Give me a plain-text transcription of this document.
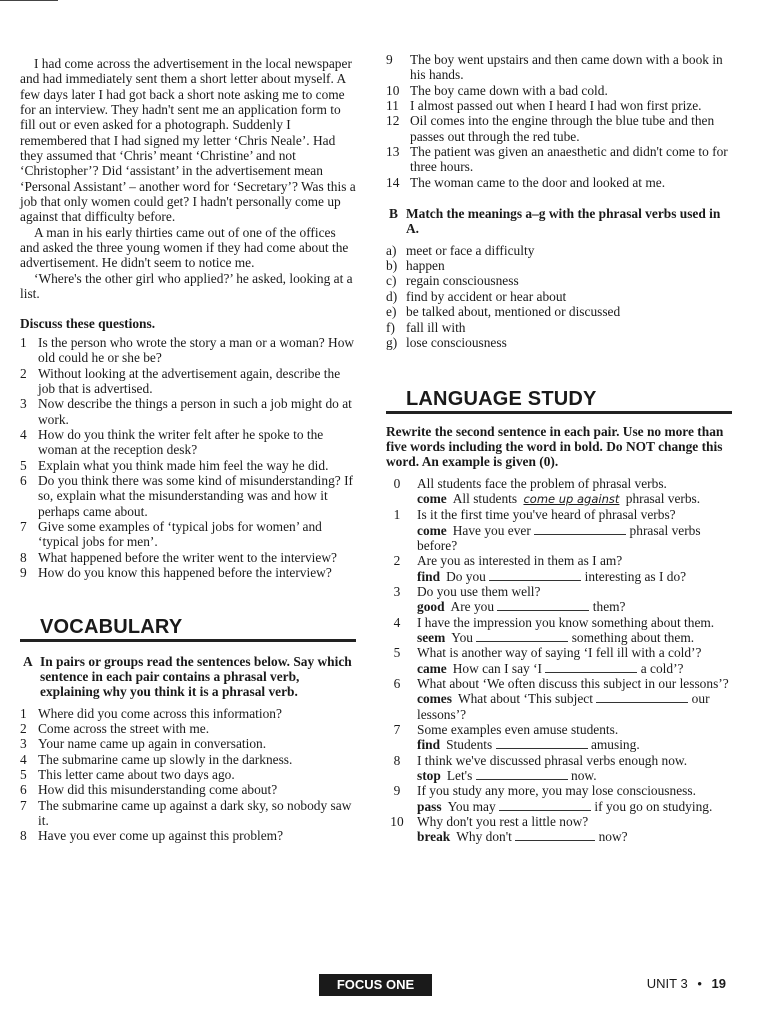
I had come across the advertisement in the local newspaper and had immediately sent them a short letter about myself. A few days later I had got back a short note asking me to come for an interview. They hadn't sent me an application form to fill out or even asked for a photograph. Suddenly I remembered that I had signed my letter ‘Chris Neale’. Had they assumed that ‘Chris’ meant ‘Christine’ and not ‘Christopher’? Did ‘assistant’ in the advertisement mean ‘Personal Assistant’ – another word for ‘Secretary’? Was this a job that only women could get? I hadn't personally come up against that difficulty before.

A man in his early thirties came out of one of the offices and asked the three young women if they had come about the advertisement. He didn't seem to notice me.

‘Where's the other girl who applied?’ he asked, looking at a list.

Discuss these questions.
1 Is the person who wrote the story a man or a woman? How old could he or she be?
2 Without looking at the advertisement again, describe the job that is advertised.
3 Now describe the things a person in such a job might do at work.
4 How do you think the writer felt after he spoke to the woman at the reception desk?
5 Explain what you think made him feel the way he did.
6 Do you think there was some kind of misunderstanding? If so, explain what the misunderstanding was and how it perhaps came about.
7 Give some examples of ‘typical jobs for women’ and ‘typical jobs for men’.
8 What happened before the writer went to the interview?
9 How do you know this happened before the interview?
VOCABULARY
A In pairs or groups read the sentences below. Say which sentence in each pair contains a phrasal verb, explaining why you think it is a phrasal verb.
1 Where did you come across this information?
2 Come across the street with me.
3 Your name came up again in conversation.
4 The submarine came up slowly in the darkness.
5 This letter came about two days ago.
6 How did this misunderstanding come about?
7 The submarine came up against a dark sky, so nobody saw it.
8 Have you ever come up against this problem?
9	The boy went upstairs and then came down with a book in his hands.
10 The boy came down with a bad cold.
11 I almost passed out when I heard I had won first prize.
12 Oil comes into the engine through the blue tube and then passes out through the red tube.
13 The patient was given an anaesthetic and didn't come to for three hours.
14 The woman came to the door and looked at me.
B Match the meanings a–g with the phrasal verbs used in A.
a) meet or face a difficulty
b) happen
c) regain consciousness
d) find by accident or hear about
e) be talked about, mentioned or discussed
f) fall ill with
g) lose consciousness
LANGUAGE STUDY
Rewrite the second sentence in each pair. Use no more than five words including the word in bold. Do NOT change this word. An example is given (0).
0	All students face the problem of phrasal verbs.
come All students come up against phrasal verbs.
1	Is it the first time you've heard of phrasal verbs?
come Have you ever	phrasal verbs before?
2	Are you as interested in them as I am?
find Do you	interesting as I do?
3	Do you use them well?
good Are you	them?
4	I have the impression you know something about them.
seem You	something about them.
5	What is another way of saying ‘I fell ill with a cold’?
came How can I say ‘I	a cold’?
6	What about ‘We often discuss this subject in our lessons’?
comes What about ‘This subject	our lessons’?
7	Some examples even amuse students.
find Students	amusing.
8	I think we've discussed phrasal verbs enough now.
stop Let's	now.
9	If you study any more, you may lose consciousness.
pass You may	if you go on studying.
10 Why don't you rest a little now?
break Why don't	now?
FOCUS ONE	UNIT 3 • 19
